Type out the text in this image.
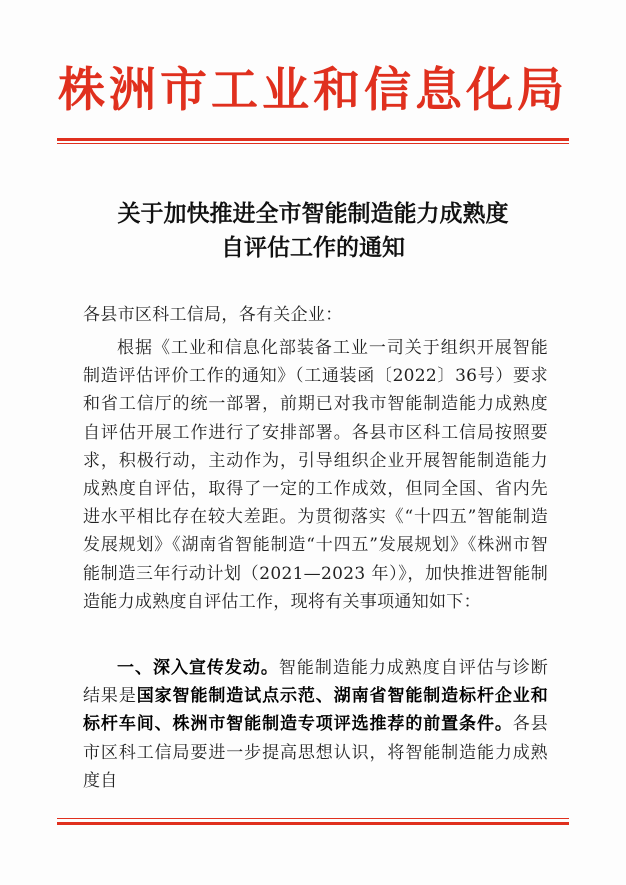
株洲市工业和信息化局
关于加快推进全市智能制造能力成熟度
自评估工作的通知
各县市区科工信局，各有关企业：
根据《工业和信息化部装备工业一司关于组织开展智能制造评估评价工作的通知》（工通装函〔2022〕36号）要求和省工信厅的统一部署，前期已对我市智能制造能力成熟度自评估开展工作进行了安排部署。各县市区科工信局按照要求，积极行动，主动作为，引导组织企业开展智能制造能力成熟度自评估，取得了一定的工作成效，但同全国、省内先进水平相比存在较大差距。为贯彻落实《“十四五”智能制造发展规划》《湖南省智能制造“十四五”发展规划》《株洲市智能制造三年行动计划（2021—2023 年）》，加快推进智能制造能力成熟度自评估工作，现将有关事项通知如下：
一、深入宣传发动。智能制造能力成熟度自评估与诊断结果是国家智能制造试点示范、湖南省智能制造标杆企业和标杆车间、株洲市智能制造专项评选推荐的前置条件。各县市区科工信局要进一步提高思想认识，将智能制造能力成熟度自
